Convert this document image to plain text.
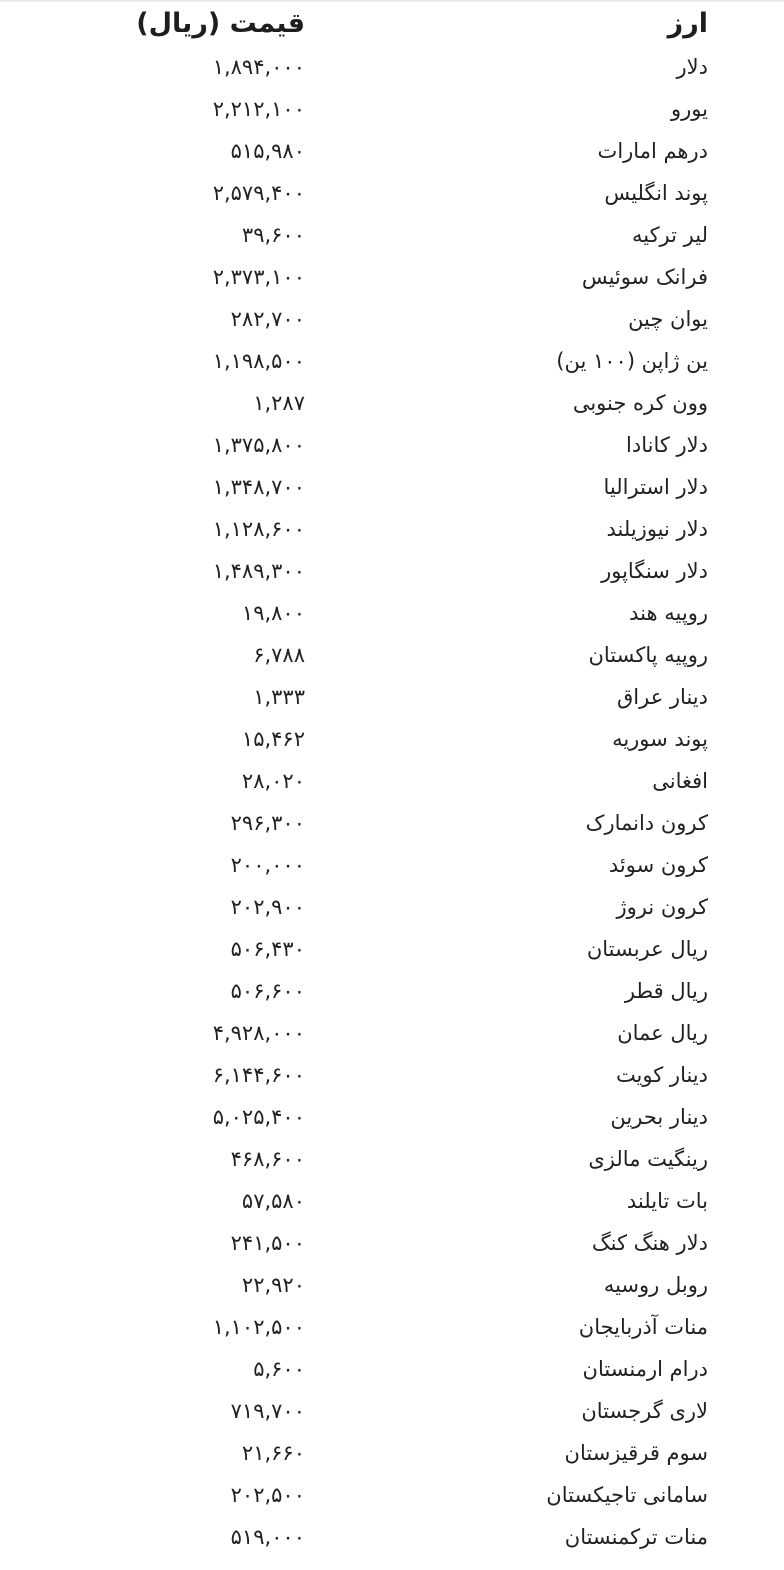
ارز
قیمت (ریال)
دلار
۱,۸۹۴,۰۰۰
یورو
۲,۲۱۲,۱۰۰
درهم امارات
۵۱۵,۹۸۰
پوند انگلیس
۲,۵۷۹,۴۰۰
لیر ترکیه
۳۹,۶۰۰
فرانک سوئیس
۲,۳۷۳,۱۰۰
یوان چین
۲۸۲,۷۰۰
ین ژاپن (۱۰۰ ین)
۱,۱۹۸,۵۰۰
وون کره جنوبی
۱,۲۸۷
دلار کانادا
۱,۳۷۵,۸۰۰
دلار استرالیا
۱,۳۴۸,۷۰۰
دلار نیوزیلند
۱,۱۲۸,۶۰۰
دلار سنگاپور
۱,۴۸۹,۳۰۰
روپیه هند
۱۹,۸۰۰
روپیه پاکستان
۶,۷۸۸
دینار عراق
۱,۳۳۳
پوند سوریه
۱۵,۴۶۲
افغانی
۲۸,۰۲۰
کرون دانمارک
۲۹۶,۳۰۰
کرون سوئد
۲۰۰,۰۰۰
کرون نروژ
۲۰۲,۹۰۰
ریال عربستان
۵۰۶,۴۳۰
ریال قطر
۵۰۶,۶۰۰
ریال عمان
۴,۹۲۸,۰۰۰
دینار کویت
۶,۱۴۴,۶۰۰
دینار بحرین
۵,۰۲۵,۴۰۰
رینگیت مالزی
۴۶۸,۶۰۰
بات تایلند
۵۷,۵۸۰
دلار هنگ کنگ
۲۴۱,۵۰۰
روبل روسیه
۲۲,۹۲۰
منات آذربایجان
۱,۱۰۲,۵۰۰
درام ارمنستان
۵,۶۰۰
لاری گرجستان
۷۱۹,۷۰۰
سوم قرقیزستان
۲۱,۶۶۰
سامانی تاجیکستان
۲۰۲,۵۰۰
منات ترکمنستان
۵۱۹,۰۰۰
